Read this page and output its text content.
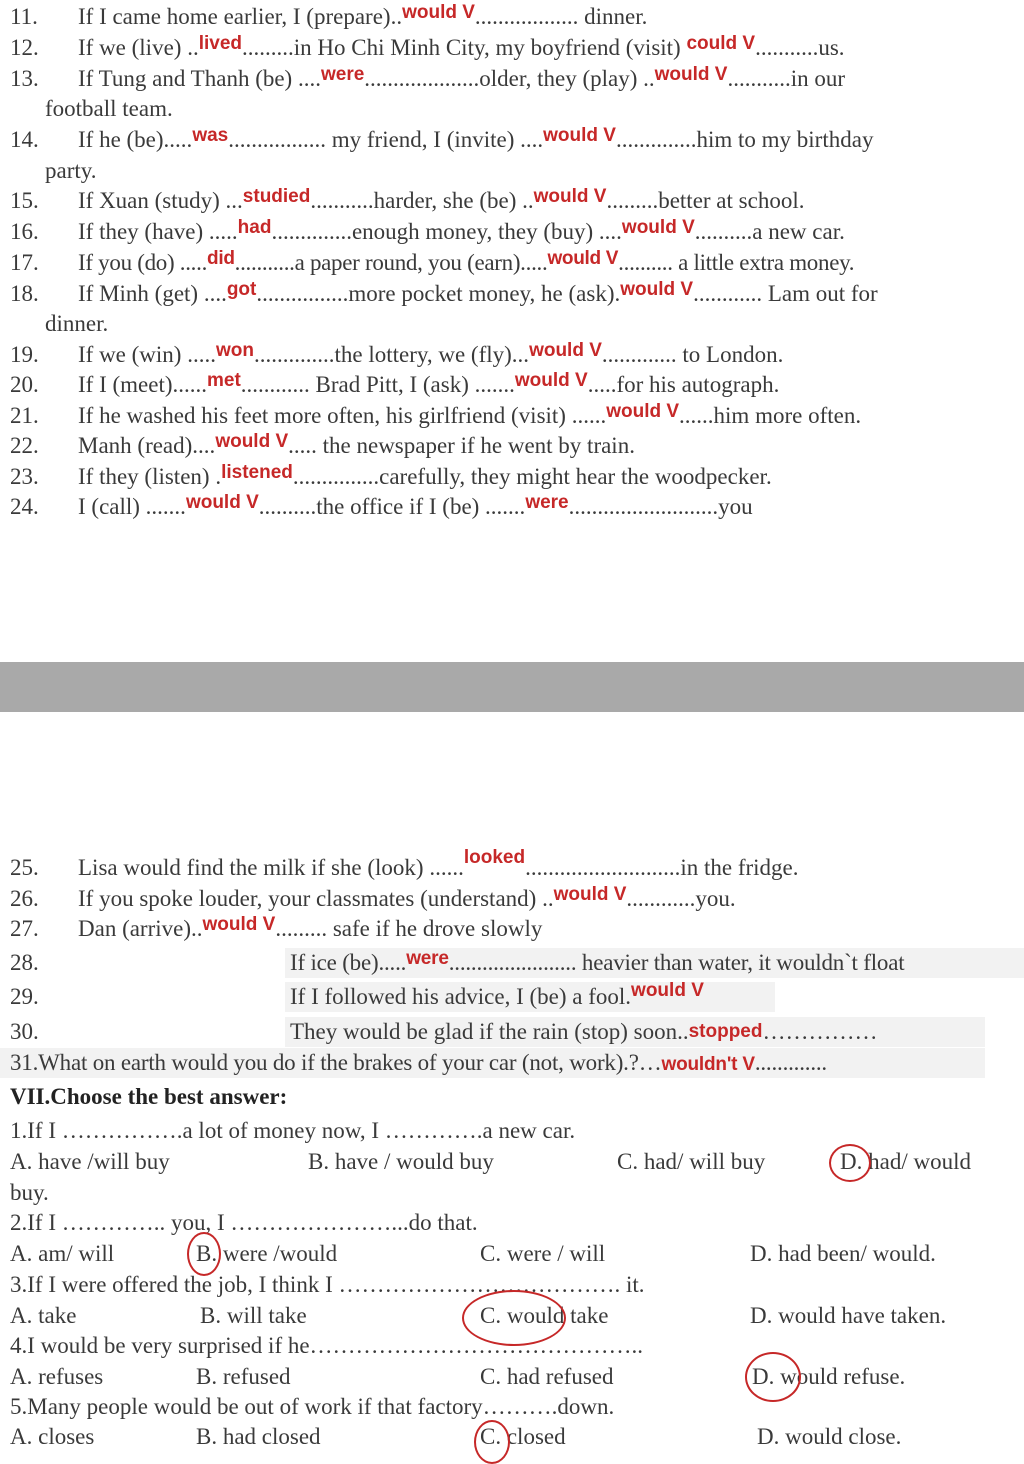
11. If I came home earlier, I (prepare)..$^{would V}$.................. dinner.
12. If we (live) ..$^{lived}$.........in Ho Chi Minh City, my boyfriend (visit) $^{could V}$...........us.
13. If Tung and Thanh (be) ....$^{were}$....................older, they (play) ..$^{would V}$...........in our
football team.
14. If he (be).....$^{was}$................. my friend, I (invite) ....$^{would V}$..............him to my birthday
party.
15. If Xuan (study) ...$^{studied}$...........harder, she (be) ..$^{would V}$.........better at school.
16. If they (have) .....$^{had}$..............enough money, they (buy) ....$^{would V}$..........a new car.
17. If you (do) .....$^{did}$...........a paper round, you (earn).....$^{would V}$.......... a little extra money.
18. If Minh (get) ....$^{got}$................more pocket money, he (ask).$^{would V}$............ Lam out for
dinner.
19. If we (win) .....$^{won}$..............the lottery, we (fly)...$^{would V}$............. to London.
20. If I (meet)......$^{met}$............ Brad Pitt, I (ask) .......$^{would V}$.....for his autograph.
21. If he washed his feet more often, his girlfriend (visit) ......$^{would V}$......him more often.
22. Manh (read)....$^{would V}$..... the newspaper if he went by train.
23. If they (listen) .$^{listened}$...............carefully, they might hear the woodpecker.
24. I (call) .......$^{would V}$..........the office if I (be) .......$^{were}$..........................you
25. Lisa would find the milk if she (look) ......$^{looked}$...........................in the fridge.
26. If you spoke louder, your classmates (understand) ..$^{would V}$............you.
27. Dan (arrive)..$^{would V}$......... safe if he drove slowly
28.	If ice (be).....$^{were}$....................... heavier than water, it wouldn`t float
29.	If I followed his advice, I (be) a fool.$^{would V}$
30.	They would be glad if the rain (stop) soon..stopped……………
31.What on earth would you do if the brakes of your car (not, work).?…wouldn't V.............
VII.Choose the best answer:
1.If I …………….a lot of money now, I ………….a new car.
A. have /will buy	B. have / would buy	C. had/ will buy	D. had/ would
buy.
2.If I ………….. you, I …………………...do that.
A. am/ will	B. were /would	C. were / will	D. had been/ would.
3.If I were offered the job, I think I ………………………………. it.
A. take	B. will take	C. would take	D. would have taken.
4.I would be very surprised if he……………………………………..
A. refuses	B. refused	C. had refused	D. would refuse.
5.Many people would be out of work if that factory……….down.
A. closes	B. had closed	C. closed	D. would close.
